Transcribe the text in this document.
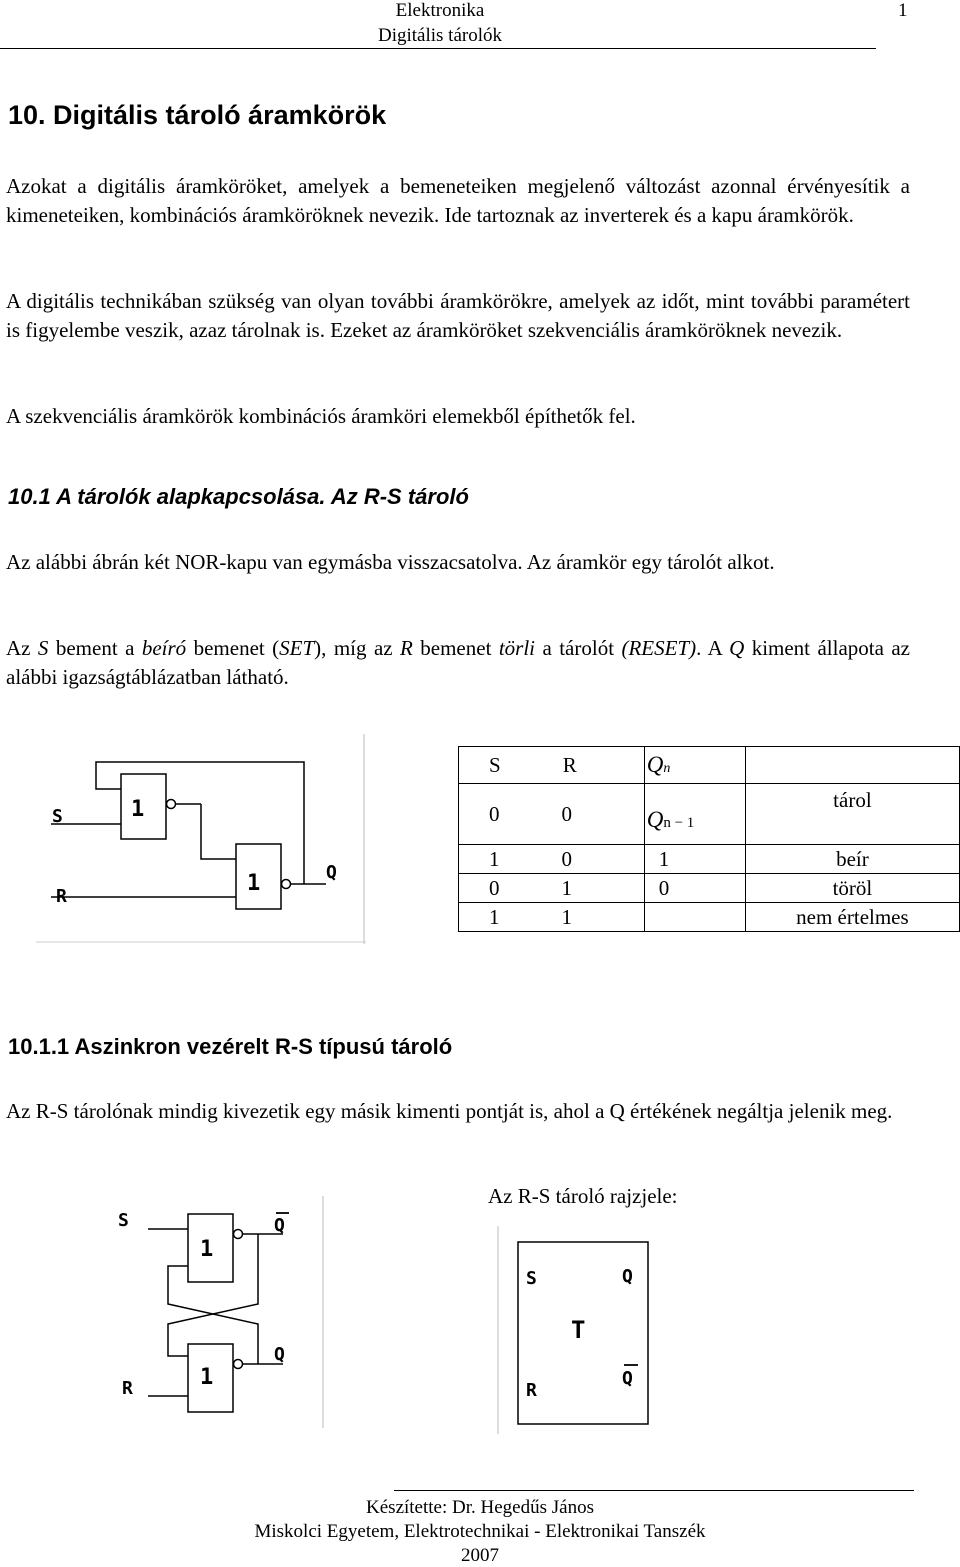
Elektronika	1
Digitális tárolók
10. Digitális tároló áramkörök

Azokat a digitális áramköröket, amelyek a bemeneteiken megjelenő változást azonnal érvényesítik a kimeneteiken, kombinációs áramköröknek nevezik. Ide tartoznak az inverterek és a kapu áramkörök.

A digitális technikában szükség van olyan további áramkörökre, amelyek az időt, mint további paramétert is figyelembe veszik, azaz tárolnak is. Ezeket az áramköröket szekvenciális áramköröknek nevezik.

A szekvenciális áramkörök kombinációs áramköri elemekből építhetők fel.

10.1 A tárolók alapkapcsolása. Az R-S tároló

Az alábbi ábrán két NOR-kapu van egymásba visszacsatolva. Az áramkör egy tárolót alkot.

Az S bement a beíró bemenet (SET), míg az R bemenet törli a tárolót (RESET). A Q kiment állapota az alábbi igazságtáblázatban látható.

1
1
S
R
Q
S R	Qn	
0 0	Qn − 1	tárol
1 0	1	beír
0 1	0	töröl
1 1		nem értelmes
10.1.1 Aszinkron vezérelt R-S típusú tároló

Az R-S tárolónak mindig kivezetik egy másik kimenti pontját is, ahol a Q értékének negáltja jelenik meg.

1
1
S
R
Q
Q
Az R-S tároló rajzjele:
S
R
Q
Q
T
Készítette: Dr. Hegedűs János
Miskolci Egyetem, Elektrotechnikai - Elektronikai Tanszék
2007
